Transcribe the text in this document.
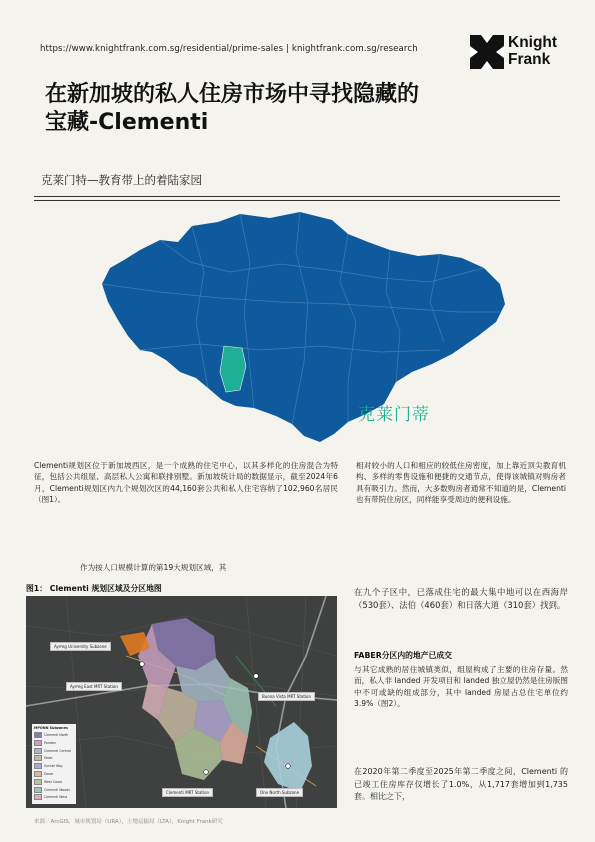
https://www.knightfrank.com.sg/residential/prime-sales | knightfrank.com.sg/research	Knight
Frank
在新加坡的私人住房市场中寻找隐藏的
宝藏-Clementi
克莱门特—教育带上的着陆家园
克莱门蒂
Clementi规划区位于新加坡西区，是一个成熟的住宅中心，以其多样化的住房混合为特征，包括公共组屋、高层私人公寓和联排别墅。新加坡统计局的数据显示，截至2024年6月，Clementi规划区内九个规划次区的44,160套公共和私人住宅容纳了102,960名居民（图1）。
相对较小的人口和相应的较低住房密度，加上靠近顶尖教育机构、多样的零售设施和便捷的交通节点，使得该城镇对购房者具有吸引力。然而，大多数购房者通常不知道的是，Clementi也有带院住房区，同样能享受周边的便利设施。
作为按人口规模计算的第19大规划区域，其
图1： Clementi 规划区域及分区地图
Ayrmg University Subzone
Ayrmg East MRT Station
Buona Vista MRT Station
Clementi MRT Station	One North Subzone
MPONN Subzones
Clementi North
Pandan
Clementi Central
Faber
Sunset Way
Dover
West Coast
Clementi Woods
Clementi West
来源：ArcGIS，城市规划局（URA），土地运输局（LTA），Knight Frank研究
在九个子区中，已落成住宅的最大集中地可以在西海岸（530套）、法伯（460套）和日落大道（310套）找到。
FABER分区内的地产已成交
与其它成熟的居住城镇类似，组屋构成了主要的住房存量。然而，私人非 landed 开发项目和 landed 独立屋仍然是住房版图中不可或缺的组成部分，其中 landed 房屋占总住宅单位约3.9%（图2）。
在2020年第二季度至2025年第二季度之间，Clementi 的已竣工住房库存仅增长了1.0%，从1,717套增加到1,735套。相比之下，
